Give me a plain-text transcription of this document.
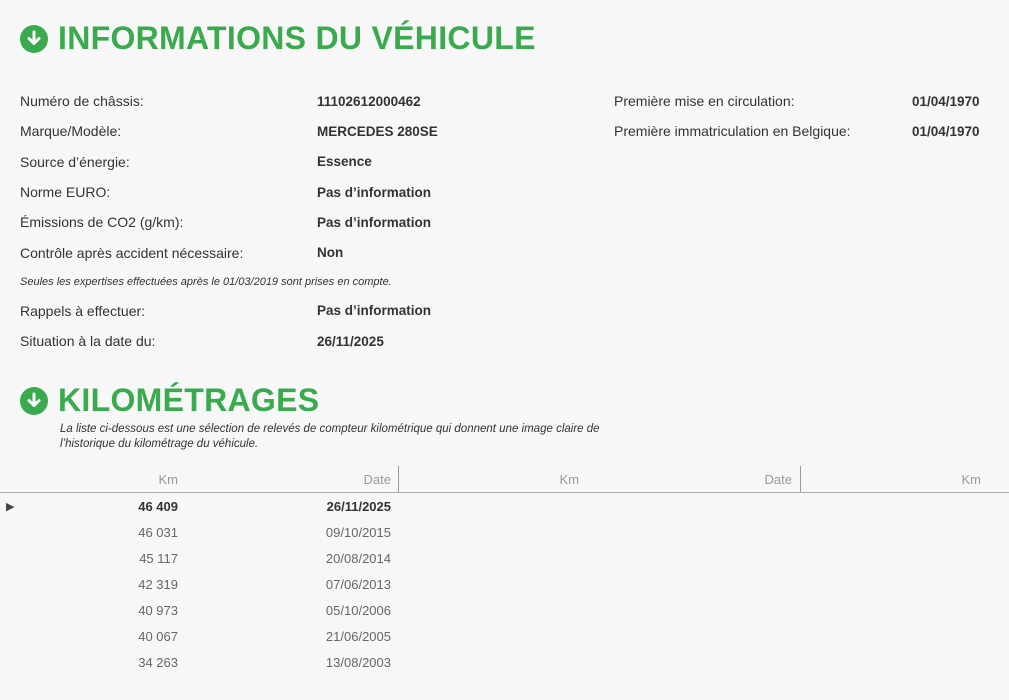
INFORMATIONS DU VÉHICULE
Numéro de châssis:	11102612000462
Marque/Modèle:	MERCEDES 280SE
Source d’énergie:	Essence
Norme EURO:	Pas d’information
Émissions de CO2 (g/km):	Pas d’information
Contrôle après accident nécessaire:	Non
Seules les expertises effectuées après le 01/03/2019 sont prises en compte.
Rappels à effectuer:	Pas d’information
Situation à la date du:	26/11/2025
Première mise en circulation:	01/04/1970
Première immatriculation en Belgique:	01/04/1970
KILOMÉTRAGES
La liste ci-dessous est une sélection de relevés de compteur kilométrique qui donnent une image claire de l’historique du kilométrage du véhicule.
Km	Date	Km	Date	Km
▶	46 409	26/11/2025
46 031	09/10/2015
45 117	20/08/2014
42 319	07/06/2013
40 973	05/10/2006
40 067	21/06/2005
34 263	13/08/2003
